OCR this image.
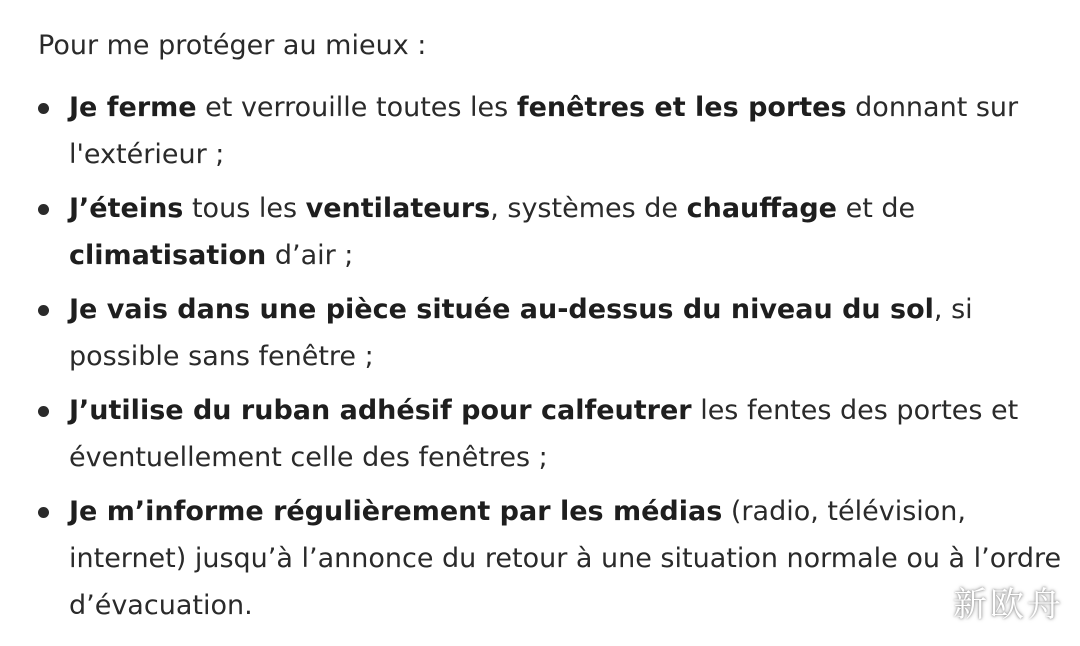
Pour me protéger au mieux :
Je ferme et verrouille toutes les fenêtres et les portes donnant sur l'extérieur ;
J’éteins tous les ventilateurs, systèmes de chauffage et de climatisation d’air ;
Je vais dans une pièce située au-dessus du niveau du sol, si possible sans fenêtre ;
J’utilise du ruban adhésif pour calfeutrer les fentes des portes et éventuellement celle des fenêtres ;
Je m’informe régulièrement par les médias (radio, télévision, internet) jusqu’à l’annonce du retour à une situation normale ou à l’ordre d’évacuation.	新欧舟
